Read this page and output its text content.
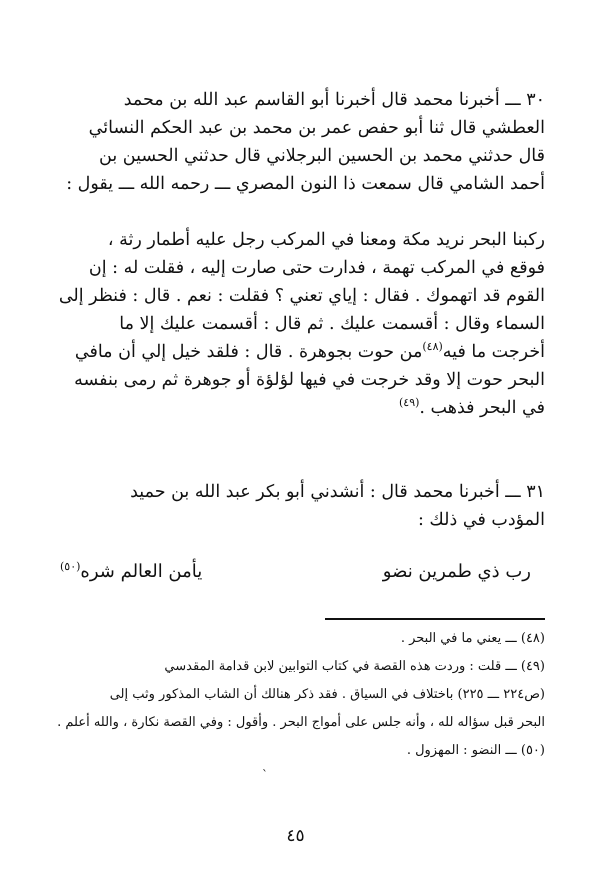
٣٠ ـــ أخبرنا محمد قال أخبرنا أبو القاسم عبد الله بن محمد
العطشي قال ثنا أبو حفص عمر بن محمد بن عبد الحكم النسائي
قال حدثني محمد بن الحسين البرجلاني قال حدثني الحسين بن
أحمد الشامي قال سمعت ذا النون المصري ـــ رحمه الله ـــ يقول :
ركبنا البحر نريد مكة ومعنا في المركب رجل عليه أطمار رثة ،
فوقع في المركب تهمة ، فدارت حتى صارت إليه ، فقلت له : إن
القوم قد اتهموك . فقال : إياي تعني ؟ فقلت : نعم . قال : فنظر إلى
السماء وقال : أقسمت عليك . ثم قال : أقسمت عليك إلا ما
أخرجت ما فيه$^{(٤٨)}$من حوت بجوهرة . قال : فلقد خيل إلي أن مافي
البحر حوت إلا وقد خرجت في فيها لؤلؤة أو جوهرة ثم رمى بنفسه
في البحر فذهب .$^{(٤٩)}$
٣١ ـــ أخبرنا محمد قال : أنشدني أبو بكر عبد الله بن حميد
المؤدب في ذلك :
رب ذي طمرين نضو
يأمن العالم شره$^{(٥٠)}$
(٤٨) ـــ يعني ما في البحر .
(٤٩) ـــ قلت : وردت هذه القصة في كتاب التوابين لابن قدامة المقدسي
(ص٢٢٤ ـــ ٢٢٥) باختلاف في السياق . فقد ذكر هنالك أن الشاب المذكور وثب إلى
البحر قبل سؤاله لله ، وأنه جلس على أمواج البحر . وأقول : وفي القصة نكارة ، والله أعلم .
(٥٠) ـــ النضو : المهزول .
ˋ
٤٥
